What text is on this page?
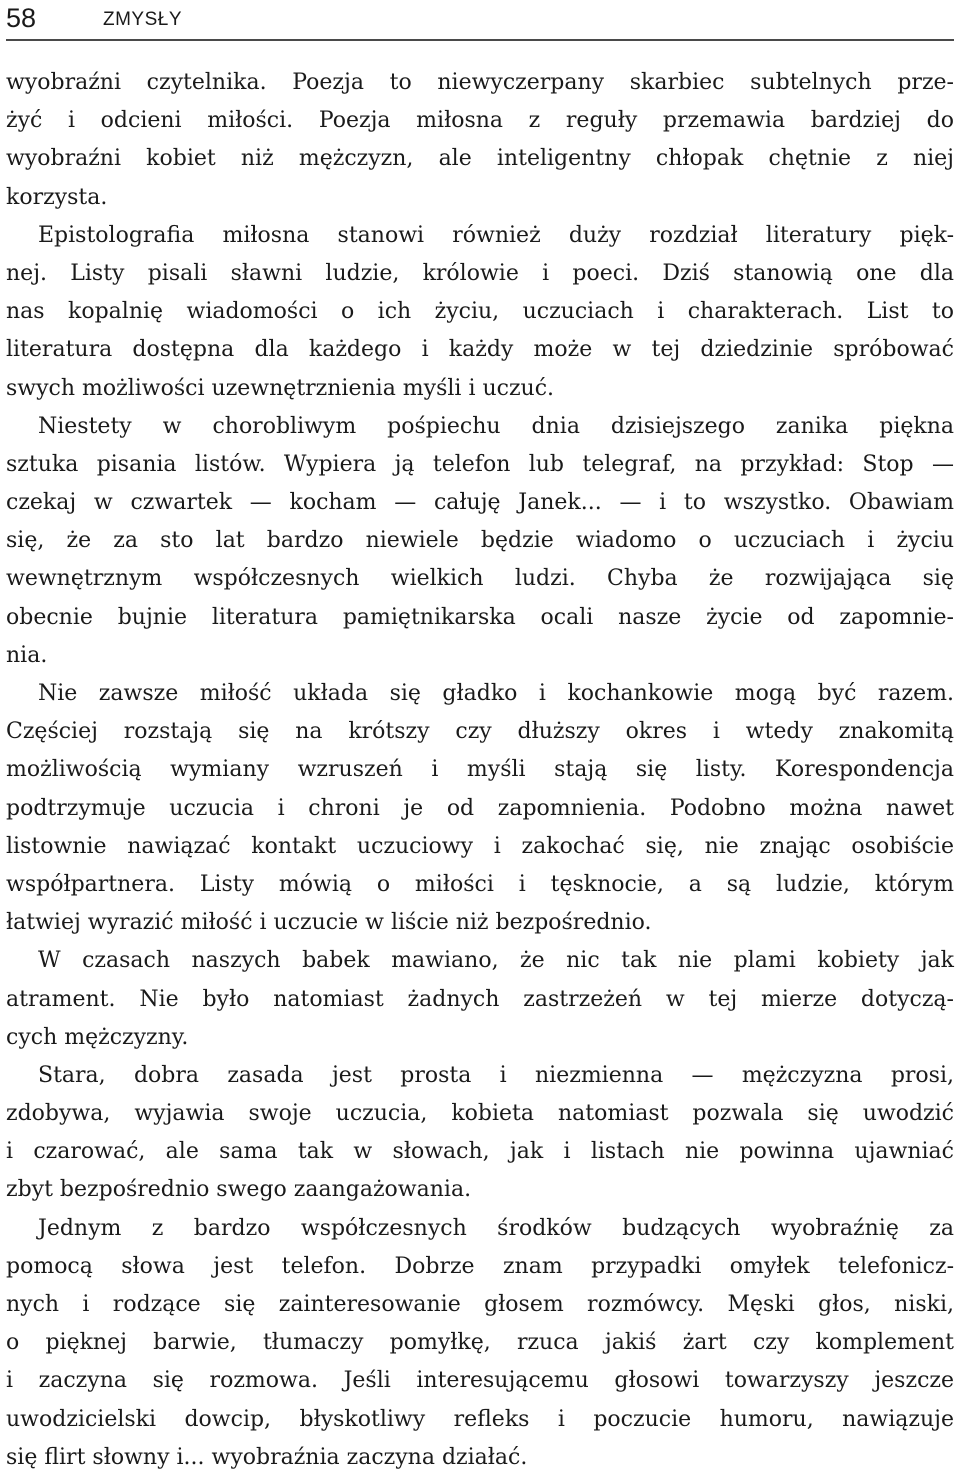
58	ZMYSŁY
wyobraźni czytelnika. Poezja to niewyczerpany skarbiec subtelnych prze-
żyć i odcieni miłości. Poezja miłosna z reguły przemawia bardziej do
wyobraźni kobiet niż mężczyzn, ale inteligentny chłopak chętnie z niej
korzysta.
Epistolografia miłosna stanowi również duży rozdział literatury pięk-
nej. Listy pisali sławni ludzie, królowie i poeci. Dziś stanowią one dla
nas kopalnię wiadomości o ich życiu, uczuciach i charakterach. List to
literatura dostępna dla każdego i każdy może w tej dziedzinie spróbować
swych możliwości uzewnętrznienia myśli i uczuć.
Niestety w chorobliwym pośpiechu dnia dzisiejszego zanika piękna
sztuka pisania listów. Wypiera ją telefon lub telegraf, na przykład: Stop —
czekaj w czwartek — kocham — całuję Janek... — i to wszystko. Obawiam
się, że za sto lat bardzo niewiele będzie wiadomo o uczuciach i życiu
wewnętrznym współczesnych wielkich ludzi. Chyba że rozwijająca się
obecnie bujnie literatura pamiętnikarska ocali nasze życie od zapomnie-
nia.
Nie zawsze miłość układa się gładko i kochankowie mogą być razem.
Częściej rozstają się na krótszy czy dłuższy okres i wtedy znakomitą
możliwością wymiany wzruszeń i myśli stają się listy. Korespondencja
podtrzymuje uczucia i chroni je od zapomnienia. Podobno można nawet
listownie nawiązać kontakt uczuciowy i zakochać się, nie znając osobiście
współpartnera. Listy mówią o miłości i tęsknocie, a są ludzie, którym
łatwiej wyrazić miłość i uczucie w liście niż bezpośrednio.
W czasach naszych babek mawiano, że nic tak nie plami kobiety jak
atrament. Nie było natomiast żadnych zastrzeżeń w tej mierze dotyczą-
cych mężczyzny.
Stara, dobra zasada jest prosta i niezmienna — mężczyzna prosi,
zdobywa, wyjawia swoje uczucia, kobieta natomiast pozwala się uwodzić
i czarować, ale sama tak w słowach, jak i listach nie powinna ujawniać
zbyt bezpośrednio swego zaangażowania.
Jednym z bardzo współczesnych środków budzących wyobraźnię za
pomocą słowa jest telefon. Dobrze znam przypadki omyłek telefonicz-
nych i rodzące się zainteresowanie głosem rozmówcy. Męski głos, niski,
o pięknej barwie, tłumaczy pomyłkę, rzuca jakiś żart czy komplement
i zaczyna się rozmowa. Jeśli interesującemu głosowi towarzyszy jeszcze
uwodzicielski dowcip, błyskotliwy refleks i poczucie humoru, nawiązuje
się flirt słowny i... wyobraźnia zaczyna działać.
